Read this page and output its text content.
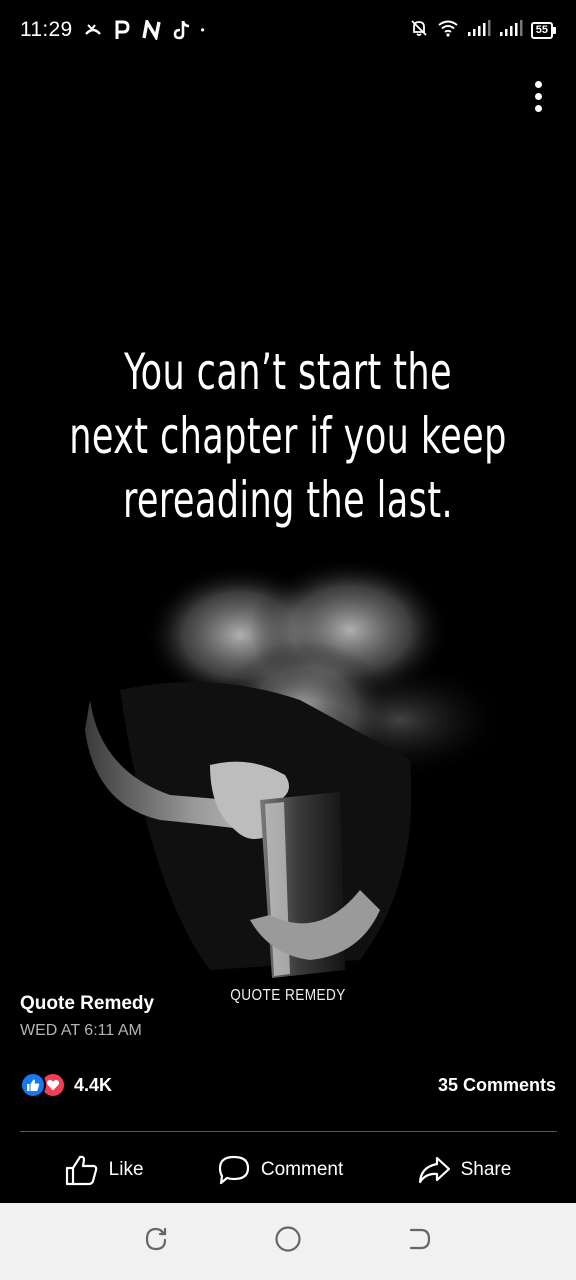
11:29	•	55
You can’t start the
next chapter if you keep
rereading the last.
QUOTE REMEDY
Quote Remedy
WED AT 6:11 AM
4.4K	35 Comments
Like	Comment	Share
